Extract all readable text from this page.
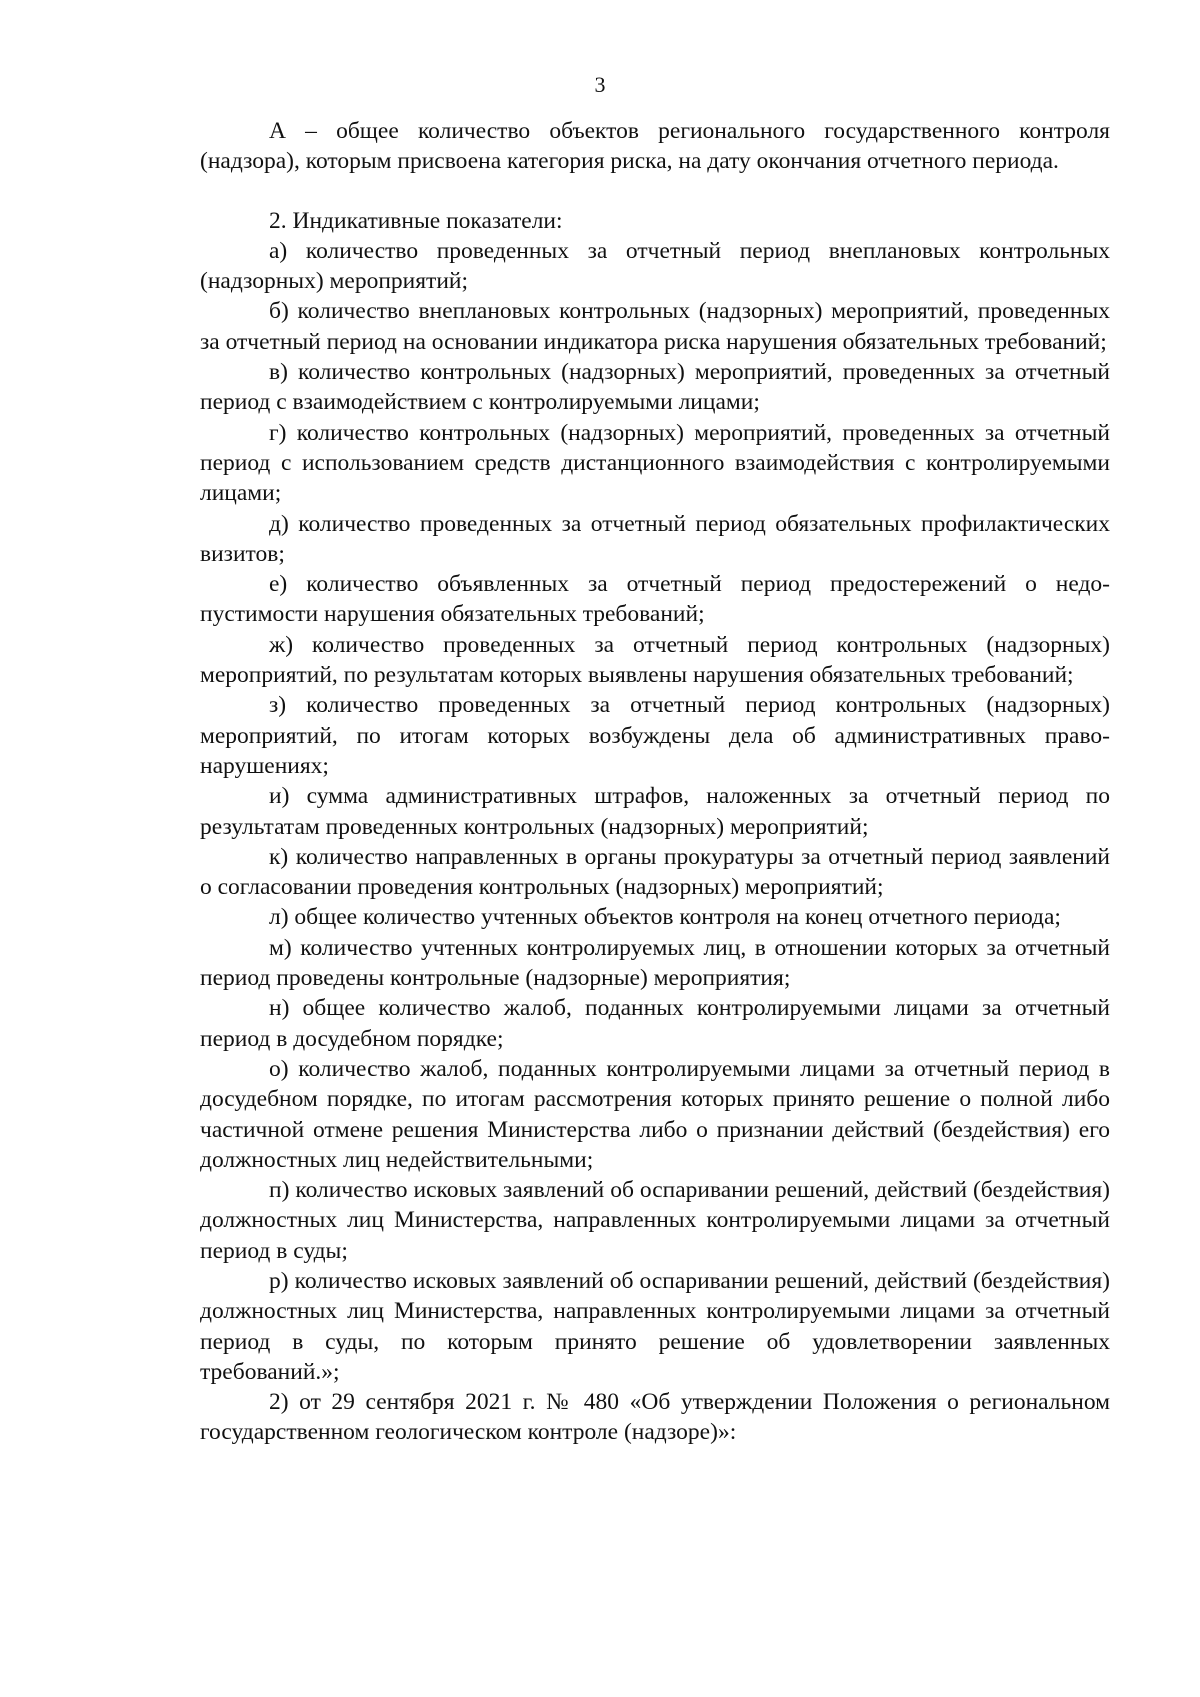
3

А – общее количество объектов регионального государственного контроля (надзора), которым присвоена категория риска, на дату окончания отчетного периода.

2. Индикативные показатели:

а) количество проведенных за отчетный период внеплановых контрольных (надзорных) мероприятий;

б) количество внеплановых контрольных (надзорных) мероприятий, проведенных за отчетный период на основании индикатора риска нарушения обязательных требований;

в) количество контрольных (надзорных) мероприятий, проведенных за отчетный период с взаимодействием с контролируемыми лицами;

г) количество контрольных (надзорных) мероприятий, проведенных за отчетный период с использованием средств дистанционного взаимодействия с контролируемыми лицами;

д) количество проведенных за отчетный период обязательных профилактических визитов;

е) количество объявленных за отчетный период предостережений о недопустимости нарушения обязательных требований;

ж) количество проведенных за отчетный период контрольных (надзорных) мероприятий, по результатам которых выявлены нарушения обязательных требований;

з) количество проведенных за отчетный период контрольных (надзорных) мероприятий, по итогам которых возбуждены дела об административных правонарушениях;

и) сумма административных штрафов, наложенных за отчетный период по результатам проведенных контрольных (надзорных) мероприятий;

к) количество направленных в органы прокуратуры за отчетный период заявлений о согласовании проведения контрольных (надзорных) мероприятий;

л) общее количество учтенных объектов контроля на конец отчетного периода;

м) количество учтенных контролируемых лиц, в отношении которых за отчетный период проведены контрольные (надзорные) мероприятия;

н) общее количество жалоб, поданных контролируемыми лицами за отчетный период в досудебном порядке;

о) количество жалоб, поданных контролируемыми лицами за отчетный период в досудебном порядке, по итогам рассмотрения которых принято решение о полной либо частичной отмене решения Министерства либо о признании действий (бездействия) его должностных лиц недействительными;

п) количество исковых заявлений об оспаривании решений, действий (бездействия) должностных лиц Министерства, направленных контролируемыми лицами за отчетный период в суды;

р) количество исковых заявлений об оспаривании решений, действий (бездействия) должностных лиц Министерства, направленных контролируемыми лицами за отчетный период в суды, по которым принято решение об удовлетворении заявленных требований.»;

2) от 29 сентября 2021 г. № 480 «Об утверждении Положения о региональном государственном геологическом контроле (надзоре)»:
